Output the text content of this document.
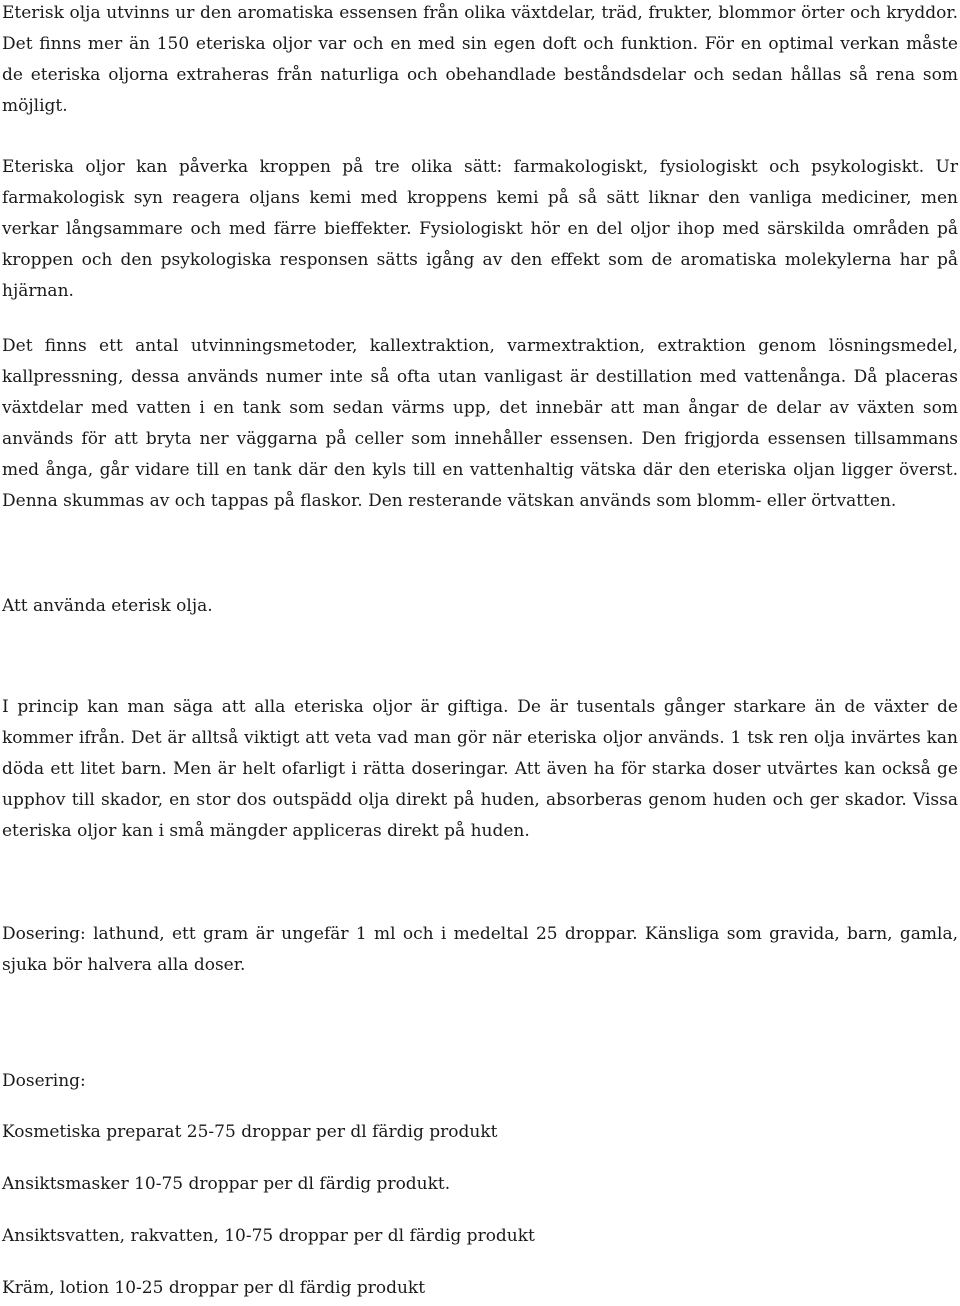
Eterisk olja utvinns ur den aromatiska essensen från olika växtdelar, träd, frukter, blommor örter och kryddor. Det finns mer än 150 eteriska oljor var och en med sin egen doft och funktion. För en optimal verkan måste de eteriska oljorna extraheras från naturliga och obehandlade beståndsdelar och sedan hållas så rena som möjligt.

Eteriska oljor kan påverka kroppen på tre olika sätt: farmakologiskt, fysiologiskt och psykologiskt. Ur farmakologisk syn reagera oljans kemi med kroppens kemi på så sätt liknar den vanliga mediciner, men verkar långsammare och med färre bieffekter. Fysiologiskt hör en del oljor ihop med särskilda områden på kroppen och den psykologiska responsen sätts igång av den effekt som de aromatiska molekylerna har på hjärnan.

Det finns ett antal utvinningsmetoder, kallextraktion, varmextraktion, extraktion genom lösningsmedel, kallpressning, dessa används numer inte så ofta utan vanligast är destillation med vattenånga. Då placeras växtdelar med vatten i en tank som sedan värms upp, det innebär att man ångar de delar av växten som används för att bryta ner väggarna på celler som innehåller essensen. Den frigjorda essensen tillsammans med ånga, går vidare till en tank där den kyls till en vattenhaltig vätska där den eteriska oljan ligger överst. Denna skummas av och tappas på flaskor. Den resterande vätskan används som blomm- eller örtvatten.

Att använda eterisk olja.

I princip kan man säga att alla eteriska oljor är giftiga. De är tusentals gånger starkare än de växter de kommer ifrån. Det är alltså viktigt att veta vad man gör när eteriska oljor används. 1 tsk ren olja invärtes kan döda ett litet barn. Men är helt ofarligt i rätta doseringar. Att även ha för starka doser utvärtes kan också ge upphov till skador, en stor dos outspädd olja direkt på huden, absorberas genom huden och ger skador. Vissa eteriska oljor kan i små mängder appliceras direkt på huden.

Dosering: lathund, ett gram är ungefär 1 ml och i medeltal 25 droppar. Känsliga som gravida, barn, gamla, sjuka bör halvera alla doser.

Dosering:

Kosmetiska preparat 25-75 droppar per dl färdig produkt

Ansiktsmasker 10-75 droppar per dl färdig produkt.

Ansiktsvatten, rakvatten, 10-75 droppar per dl färdig produkt

Kräm, lotion 10-25 droppar per dl färdig produkt
